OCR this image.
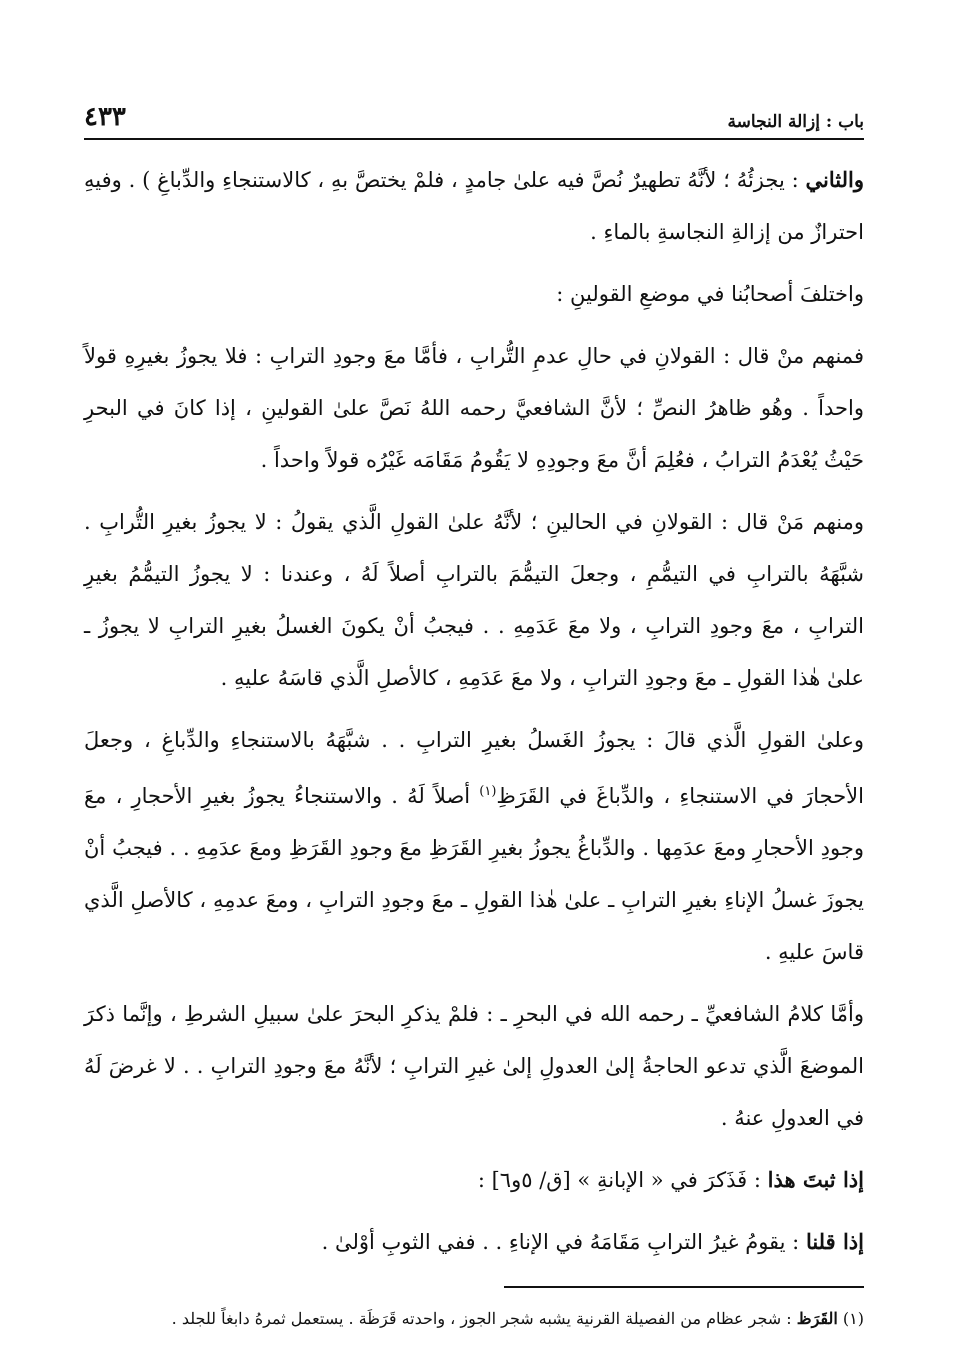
باب : إزالة النجاسة
٤٣٣

والثاني : يجزئُهُ ؛ لأنَّهُ تطهيرٌ نُصَّ فيه علىٰ جامدٍ ، فلمْ يختصَّ بهِ ، كالاستنجاءِ والدِّباغِ ) . وفيهِ احترازٌ من إزالةِ النجاسةِ بالماءِ .

واختلفَ أصحابُنا في موضعِ القولينِ :

فمنهم منْ قال : القولانِ في حالِ عدمِ التُّرابِ ، فأمَّا معَ وجودِ الترابِ : فلا يجوزُ بغيرِهِ قولاً واحداً . وهُو ظاهرُ النصِّ ؛ لأنَّ الشافعيَّ رحمه اللهُ نَصَّ علىٰ القولينِ ، إذا كانَ في البحرِ حَيْثُ يُعْدَمُ الترابُ ، فعُلِمَ أنَّ معَ وجودِهِ لا يَقُومُ مَقَامَه غَيْرُه قولاً واحداً .

ومنهم مَنْ قال : القولانِ في الحالينِ ؛ لأنَّهُ علىٰ القولِ الَّذي يقولُ : لا يجوزُ بغيرِ التُّرابِ . شبَّهَهُ بالترابِ في التيمُّمِ ، وجعلَ التيمُّمَ بالترابِ أصلاً لَهُ ، وعندنا : لا يجوزُ التيمُّمُ بغيرِ الترابِ ، معَ وجودِ الترابِ ، ولا معَ عَدَمِهِ . . فيجبُ أنْ يكونَ الغسلُ بغيرِ الترابِ لا يجوزُ ـ علىٰ هٰذا القولِ ـ معَ وجودِ الترابِ ، ولا معَ عَدَمِهِ ، كالأصلِ الَّذي قاسَهُ عليهِ .

وعلىٰ القولِ الَّذي قالَ : يجوزُ الغَسلُ بغيرِ الترابِ . . شبَّهَهُ بالاستنجاءِ والدِّباغِ ، وجعلَ الأحجارَ في الاستنجاءِ ، والدِّباغَ في القَرَظِ$^{(١)}$ أصلاً لَهُ . والاستنجاءُ يجوزُ بغيرِ الأحجارِ ، معَ وجودِ الأحجارِ ومعَ عدَمِها . والدِّباغُ يجوزُ بغيرِ القَرَظِ معَ وجودِ القَرَظِ ومعَ عدَمِهِ . . فيجبُ أنْ يجوزَ غسلُ الإناءِ بغيرِ الترابِ ـ علىٰ هٰذا القولِ ـ معَ وجودِ الترابِ ، ومعَ عدمِهِ ، كالأصلِ الَّذي قاسَ عليهِ .

وأمَّا كلامُ الشافعيِّ ـ رحمه الله في البحرِ ـ : فلمْ يذكرِ البحرَ علىٰ سبيلِ الشرطِ ، وإنَّما ذكرَ الموضعَ الَّذي تدعو الحاجةُ إلىٰ العدولِ إلىٰ غيرِ الترابِ ؛ لأنَّهُ معَ وجودِ الترابِ . . لا غرضَ لَهُ في العدولِ عنهُ .

إذا ثبتَ هذا : فَذَكرَ في « الإبانةِ » [ق/ ٥و٦] :

إذا قلنا : يقومُ غيرُ الترابِ مَقَامَهُ في الإناءِ . . ففي الثوبِ أوْلىٰ .

(١) القَرَظ : شجر عظام من الفصيلة القرنية يشبه شجر الجوز ، واحدته قَرَظَة . يستعمل ثمرهُ دابغاً للجلد .
